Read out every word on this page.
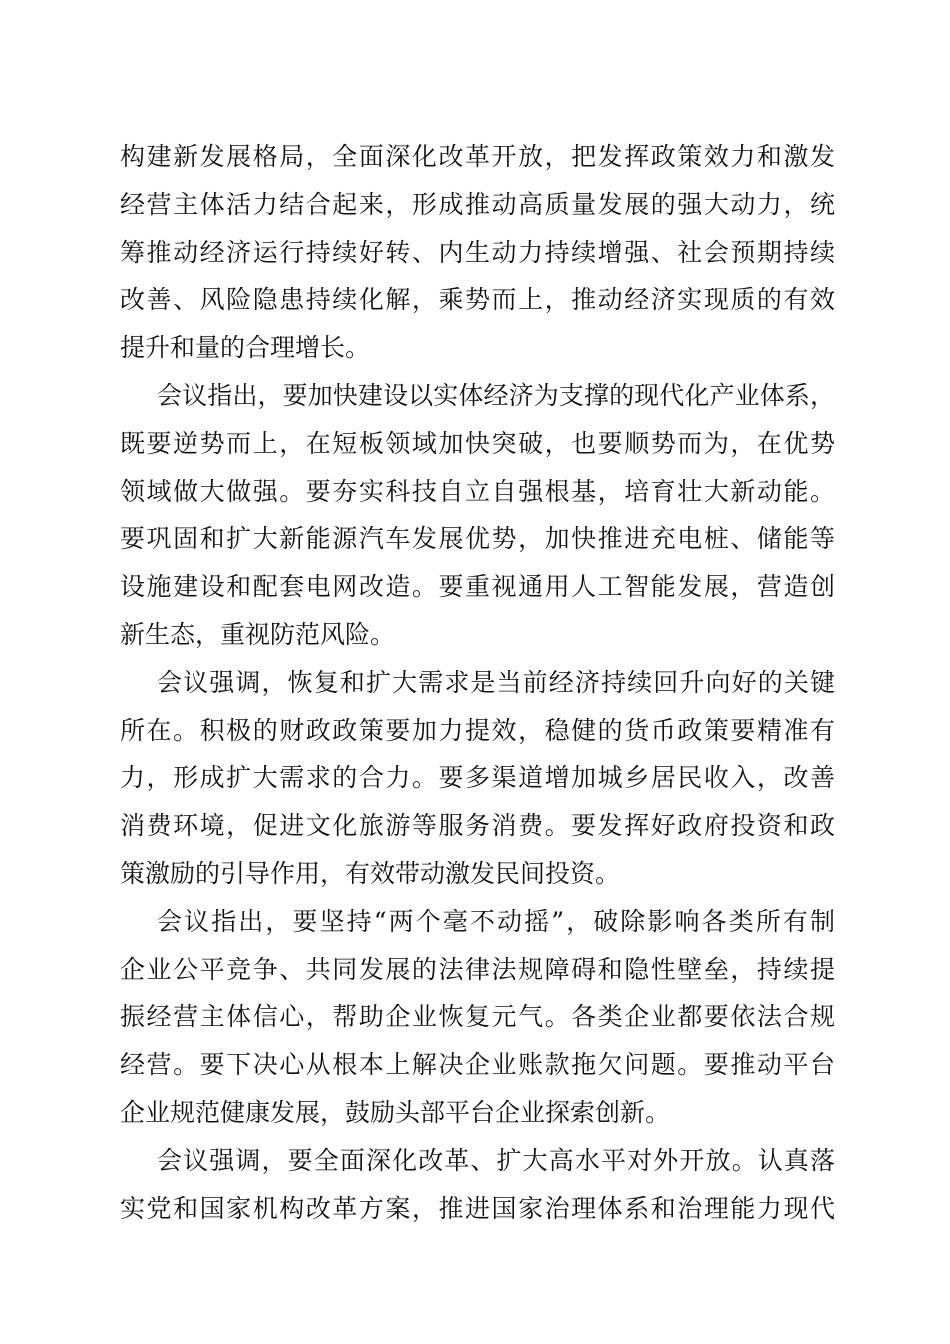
构建新发展格局，全面深化改革开放，把发挥政策效力和激发
经营主体活力结合起来，形成推动高质量发展的强大动力，统
筹推动经济运行持续好转、内生动力持续增强、社会预期持续
改善、风险隐患持续化解，乘势而上，推动经济实现质的有效
提升和量的合理增长。
会议指出，要加快建设以实体经济为支撑的现代化产业体系，
既要逆势而上，在短板领域加快突破，也要顺势而为，在优势
领域做大做强。要夯实科技自立自强根基，培育壮大新动能。
要巩固和扩大新能源汽车发展优势，加快推进充电桩、储能等
设施建设和配套电网改造。要重视通用人工智能发展，营造创
新生态，重视防范风险。
会议强调，恢复和扩大需求是当前经济持续回升向好的关键
所在。积极的财政政策要加力提效，稳健的货币政策要精准有
力，形成扩大需求的合力。要多渠道增加城乡居民收入，改善
消费环境，促进文化旅游等服务消费。要发挥好政府投资和政
策激励的引导作用，有效带动激发民间投资。
会议指出，要坚持“两个毫不动摇”，破除影响各类所有制
企业公平竞争、共同发展的法律法规障碍和隐性壁垒，持续提
振经营主体信心，帮助企业恢复元气。各类企业都要依法合规
经营。要下决心从根本上解决企业账款拖欠问题。要推动平台
企业规范健康发展，鼓励头部平台企业探索创新。
会议强调，要全面深化改革、扩大高水平对外开放。认真落
实党和国家机构改革方案，推进国家治理体系和治理能力现代
